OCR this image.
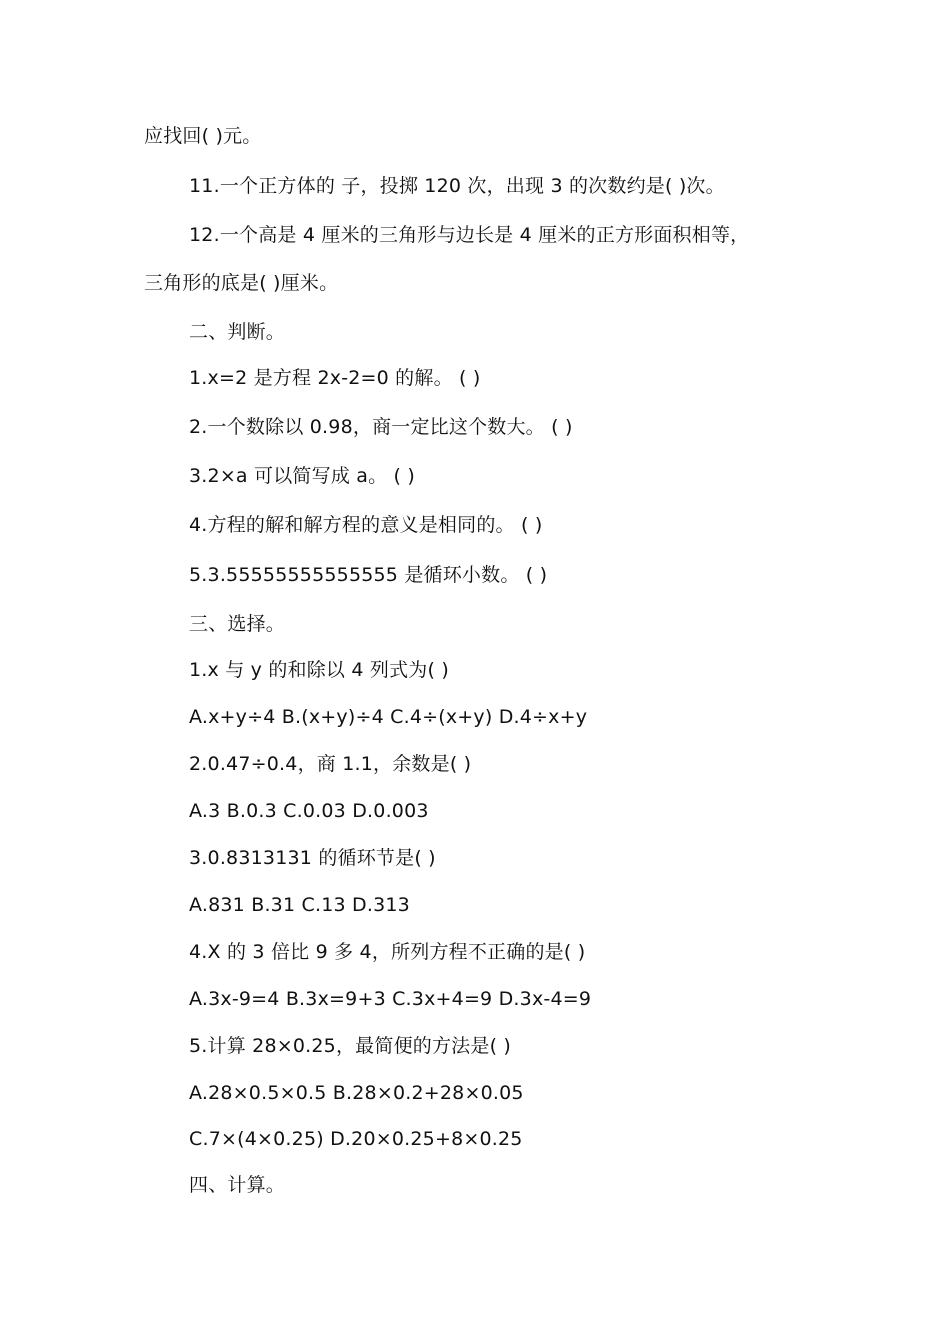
应找回( )元。
11.一个正方体的 子，投掷 120 次，出现 3 的次数约是( )次。
12.一个高是 4 厘米的三角形与边长是 4 厘米的正方形面积相等，
三角形的底是( )厘米。
二、判断。
1.x=2 是方程 2x-2=0 的解。 ( )
2.一个数除以 0.98，商一定比这个数大。 ( )
3.2×a 可以简写成 a。 ( )
4.方程的解和解方程的意义是相同的。 ( )
5.3.55555555555555 是循环小数。 ( )
三、选择。
1.x 与 y 的和除以 4 列式为( )
A.x+y÷4 B.(x+y)÷4 C.4÷(x+y) D.4÷x+y
2.0.47÷0.4，商 1.1，余数是( )
A.3 B.0.3 C.0.03 D.0.003
3.0.8313131 的循环节是( )
A.831 B.31 C.13 D.313
4.X 的 3 倍比 9 多 4，所列方程不正确的是( )
A.3x-9=4 B.3x=9+3 C.3x+4=9 D.3x-4=9
5.计算 28×0.25，最简便的方法是( )
A.28×0.5×0.5 B.28×0.2+28×0.05
C.7×(4×0.25) D.20×0.25+8×0.25
四、计算。
